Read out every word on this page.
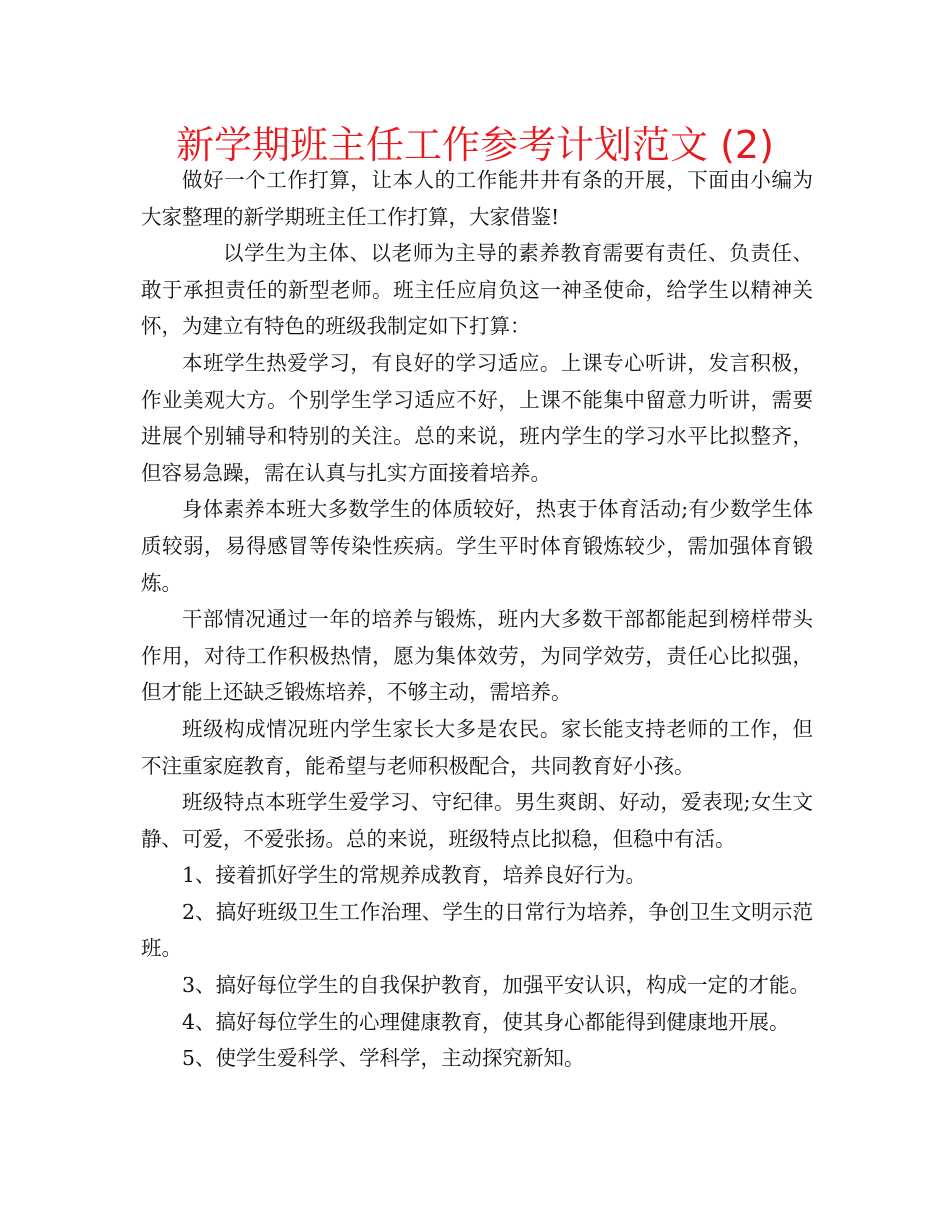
新学期班主任工作参考计划范文 (2)

做好一个工作打算，让本人的工作能井井有条的开展，下面由小编为大家整理的新学期班主任工作打算，大家借鉴!

以学生为主体、以老师为主导的素养教育需要有责任、负责任、敢于承担责任的新型老师。班主任应肩负这一神圣使命，给学生以精神关怀，为建立有特色的班级我制定如下打算：

本班学生热爱学习，有良好的学习适应。上课专心听讲，发言积极，作业美观大方。个别学生学习适应不好，上课不能集中留意力听讲，需要进展个别辅导和特别的关注。总的来说，班内学生的学习水平比拟整齐，但容易急躁，需在认真与扎实方面接着培养。

身体素养本班大多数学生的体质较好，热衷于体育活动;有少数学生体质较弱，易得感冒等传染性疾病。学生平时体育锻炼较少，需加强体育锻炼。

干部情况通过一年的培养与锻炼，班内大多数干部都能起到榜样带头作用，对待工作积极热情，愿为集体效劳，为同学效劳，责任心比拟强，但才能上还缺乏锻炼培养，不够主动，需培养。

班级构成情况班内学生家长大多是农民。家长能支持老师的工作，但不注重家庭教育，能希望与老师积极配合，共同教育好小孩。

班级特点本班学生爱学习、守纪律。男生爽朗、好动，爱表现;女生文静、可爱，不爱张扬。总的来说，班级特点比拟稳，但稳中有活。

1、接着抓好学生的常规养成教育，培养良好行为。

2、搞好班级卫生工作治理、学生的日常行为培养，争创卫生文明示范班。

3、搞好每位学生的自我保护教育，加强平安认识，构成一定的才能。

4、搞好每位学生的心理健康教育，使其身心都能得到健康地开展。

5、使学生爱科学、学科学，主动探究新知。
